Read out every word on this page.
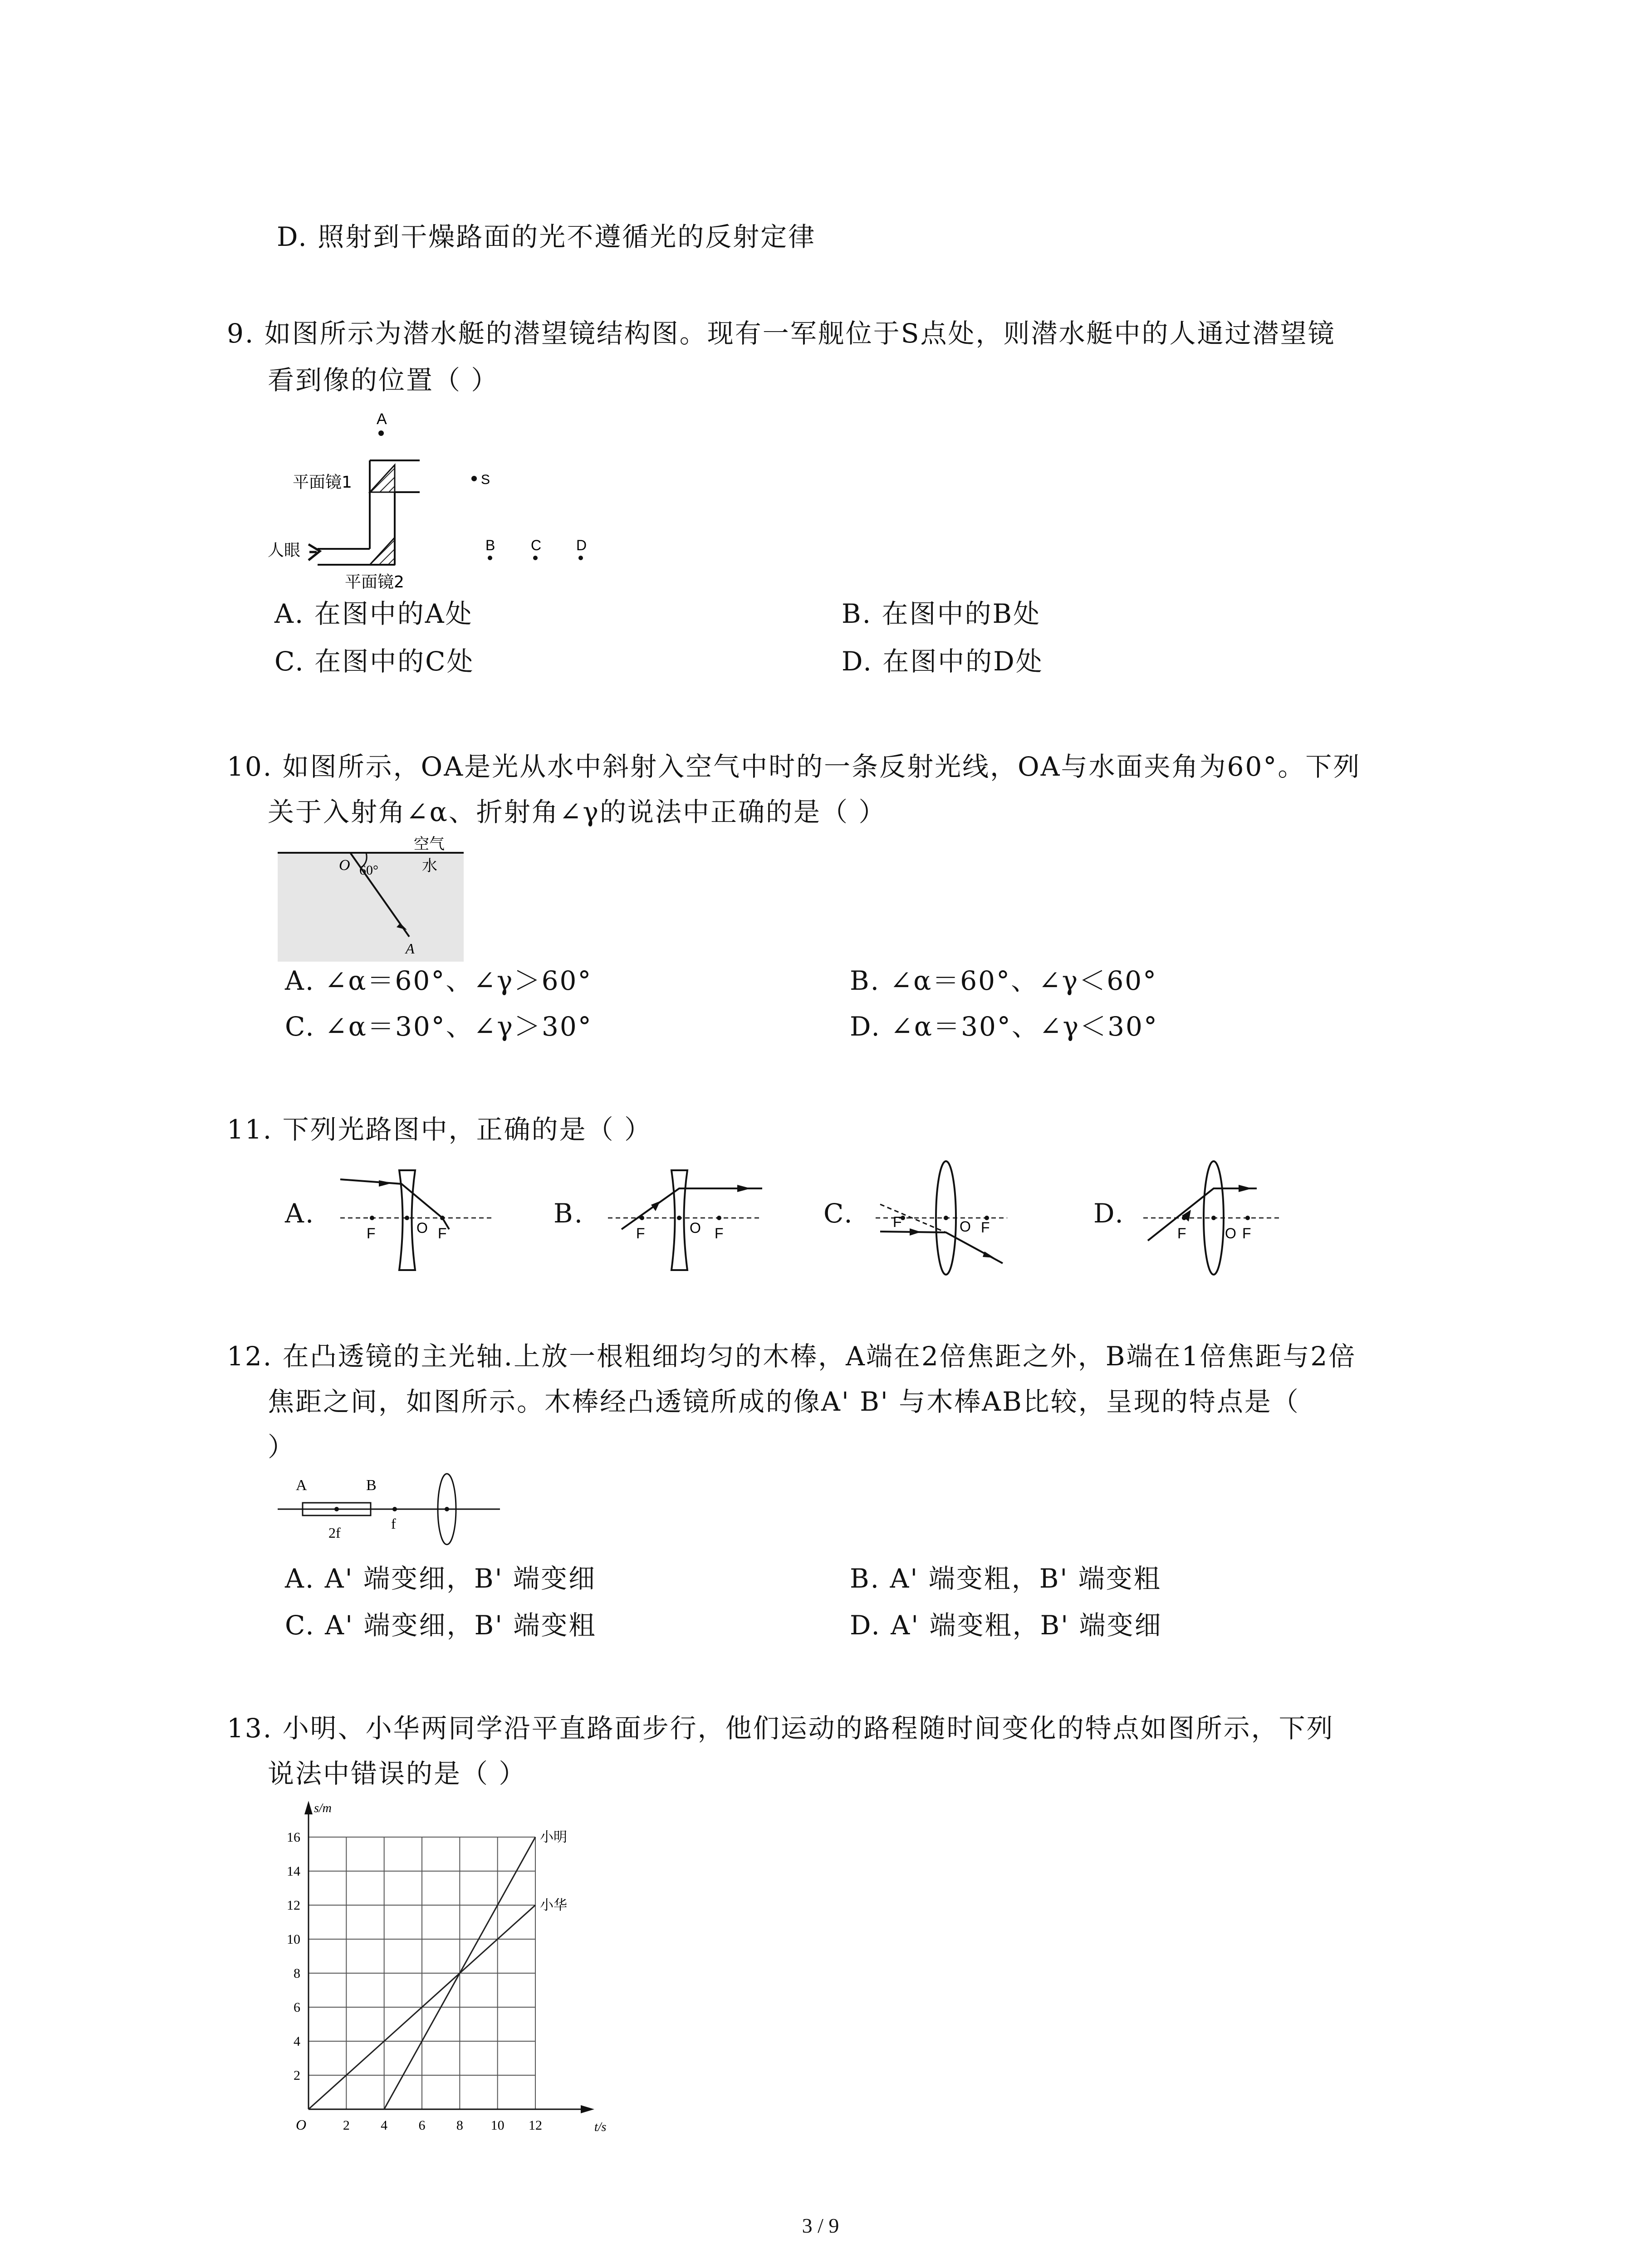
D. 照射到干燥路面的光不遵循光的反射定律
9. 如图所示为潜水艇的潜望镜结构图。现有一军舰位于S点处，则潜水艇中的人通过潜望镜
看到像的位置（ ）
A
平面镜1
平面镜2
人眼
S
B C D
A. 在图中的A处	B. 在图中的B处
C. 在图中的C处	D. 在图中的D处
10. 如图所示，OA是光从水中斜射入空气中时的一条反射光线，OA与水面夹角为60°。下列
关于入射角∠α、折射角∠γ的说法中正确的是（ ）
空气
水
O 60°
A
A. ∠α＝60°、∠γ＞60°	B. ∠α＝60°、∠γ＜60°
C. ∠α＝30°、∠γ＞30°	D. ∠α＝30°、∠γ＜30°
11. 下列光路图中，正确的是（ ）
A.
F	O F
B.
F	O F
C.	F	O F	D.
F	O F
12. 在凸透镜的主光轴.上放一根粗细均匀的木棒，A端在2倍焦距之外，B端在1倍焦距与2倍
焦距之间，如图所示。木棒经凸透镜所成的像A' B' 与木棒AB比较，呈现的特点是（
）
A	B
2f
f
A. A' 端变细，B' 端变细	B. A' 端变粗，B' 端变粗
C. A' 端变细，B' 端变粗	D. A' 端变粗，B' 端变细
13. 小明、小华两同学沿平直路面步行，他们运动的路程随时间变化的特点如图所示，下列
说法中错误的是（ ）
2 4 6 8 10 12
2
4
6
8
10
12
14
16
O
s/m
t/s
小明
小华
3 / 9
